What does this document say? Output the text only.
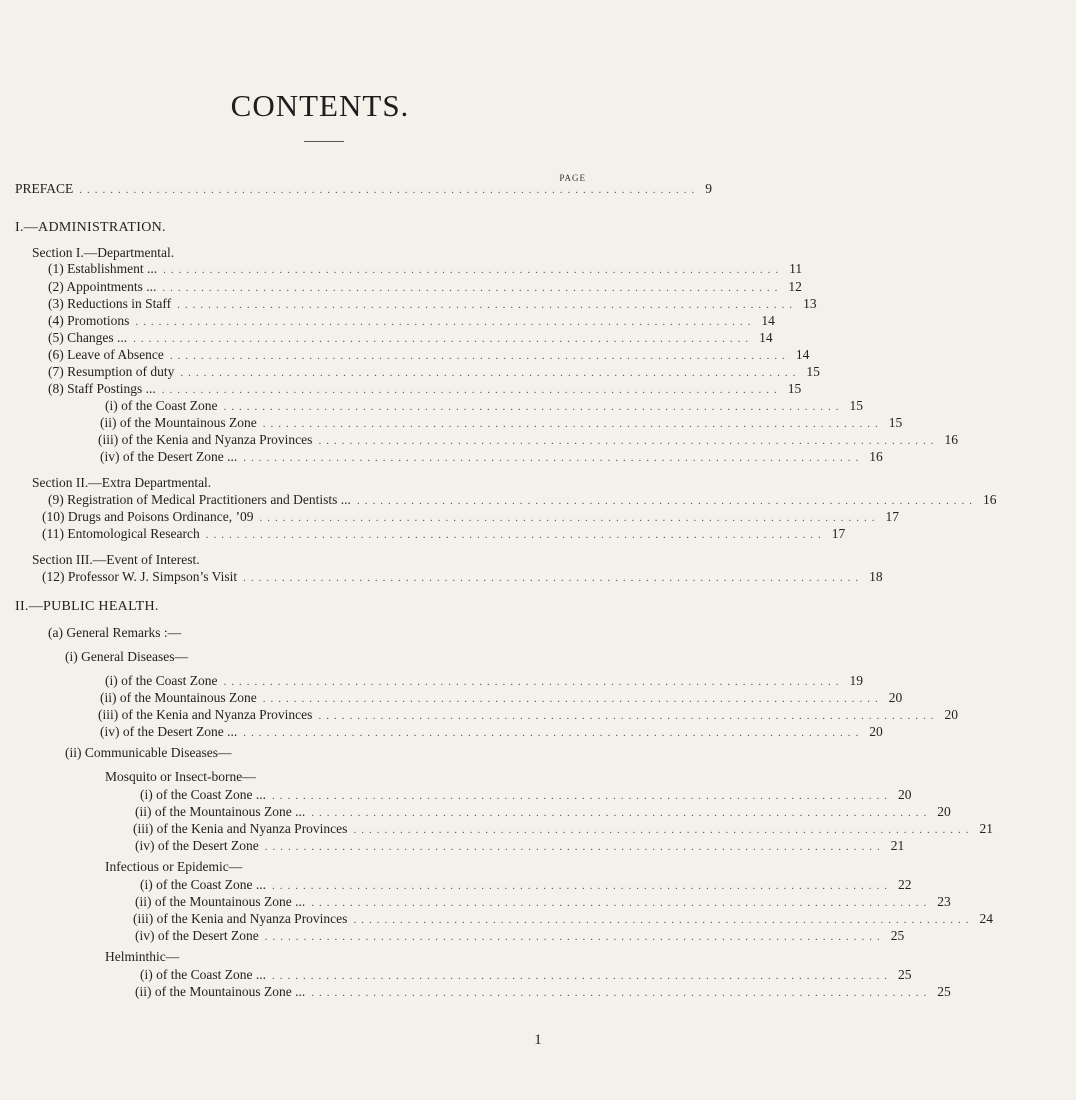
CONTENTS.
PAGE
PREFACE ................................................................................ 9
I.—ADMINISTRATION.
Section I.—Departmental.
(1) Establishment ... ................................................................................ 11
(2) Appointments ... ................................................................................ 12
(3) Reductions in Staff ................................................................................ 13
(4) Promotions ................................................................................ 14
(5) Changes ... ................................................................................ 14
(6) Leave of Absence ................................................................................ 14
(7) Resumption of duty ................................................................................ 15
(8) Staff Postings ... ................................................................................ 15
(i) of the Coast Zone ................................................................................ 15
(ii) of the Mountainous Zone ................................................................................ 15
(iii) of the Kenia and Nyanza Provinces ................................................................................ 16
(iv) of the Desert Zone ... ................................................................................ 16
Section II.—Extra Departmental.
(9) Registration of Medical Practitioners and Dentists ... ................................................................................ 16
(10) Drugs and Poisons Ordinance, ’09 ................................................................................ 17
(11) Entomological Research ................................................................................ 17
Section III.—Event of Interest.
(12) Professor W. J. Simpson’s Visit ................................................................................ 18
II.—PUBLIC HEALTH.
(a) General Remarks :—
(i) General Diseases—
(i) of the Coast Zone ................................................................................ 19
(ii) of the Mountainous Zone ................................................................................ 20
(iii) of the Kenia and Nyanza Provinces ................................................................................ 20
(iv) of the Desert Zone ... ................................................................................ 20
(ii) Communicable Diseases—
Mosquito or Insect-borne—
(i) of the Coast Zone ... ................................................................................ 20
(ii) of the Mountainous Zone ... ................................................................................ 20
(iii) of the Kenia and Nyanza Provinces ................................................................................ 21
(iv) of the Desert Zone ................................................................................ 21
Infectious or Epidemic—
(i) of the Coast Zone ... ................................................................................ 22
(ii) of the Mountainous Zone ... ................................................................................ 23
(iii) of the Kenia and Nyanza Provinces ................................................................................ 24
(iv) of the Desert Zone ................................................................................ 25
Helminthic—
(i) of the Coast Zone ... ................................................................................ 25
(ii) of the Mountainous Zone ... ................................................................................ 25
1
